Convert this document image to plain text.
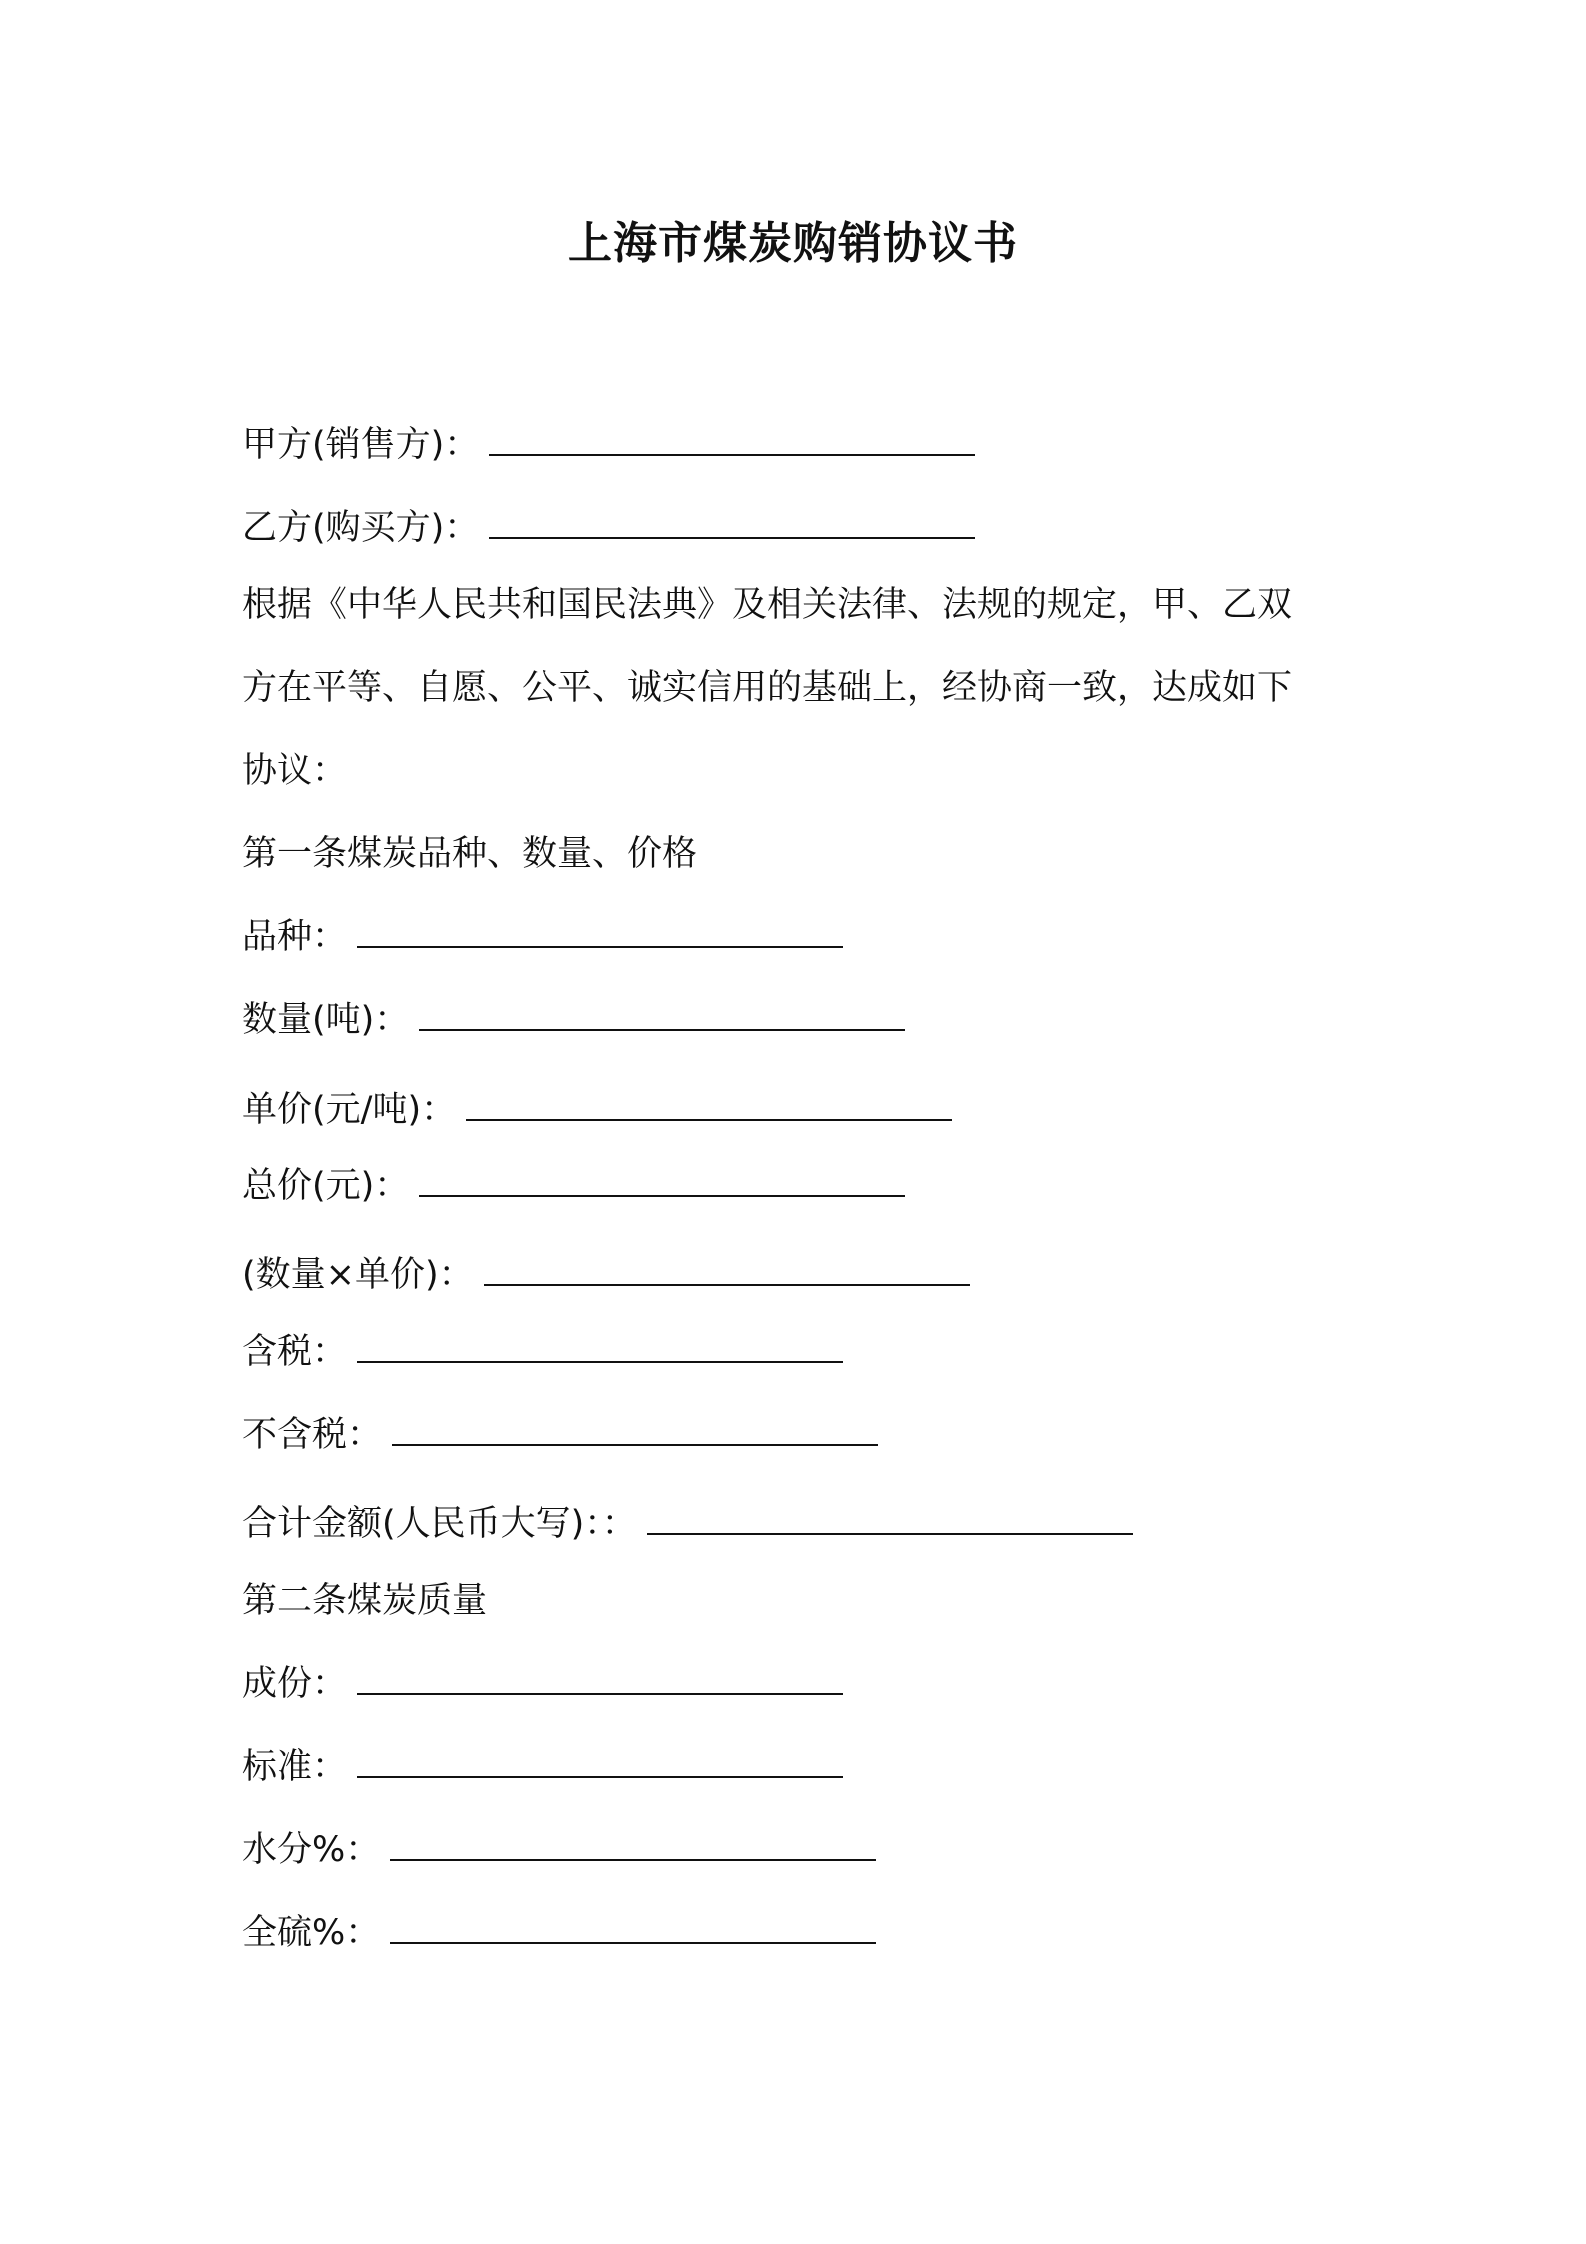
上海市煤炭购销协议书
甲方(销售方)：
乙方(购买方)：
根据《中华人民共和国民法典》及相关法律、法规的规定，甲、乙双
方在平等、自愿、公平、诚实信用的基础上，经协商一致，达成如下
协议：
第一条煤炭品种、数量、价格
品种：
数量(吨)：
单价(元/吨)：
总价(元)：
(数量×单价)：
含税：
不含税：
合计金额(人民币大写)：：
第二条煤炭质量
成份：
标准：
水分%：
全硫%：
